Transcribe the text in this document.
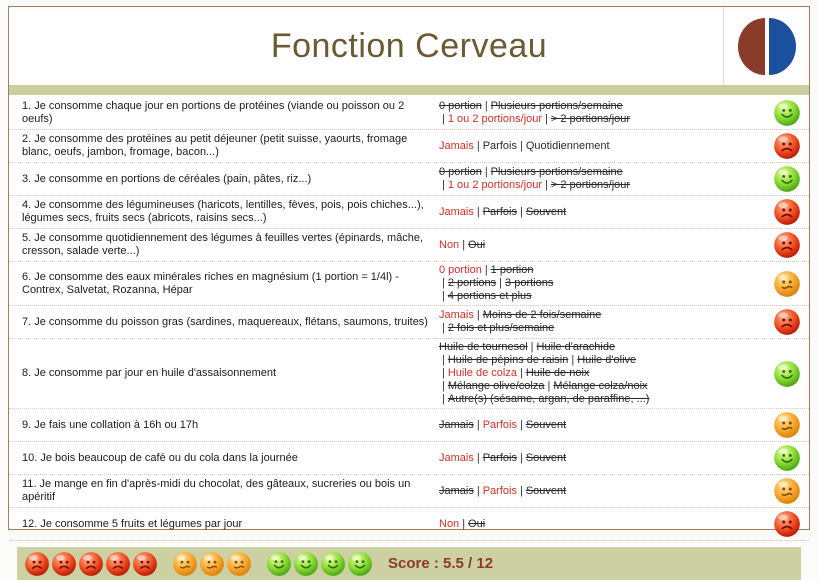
Fonction Cerveau
1. Je consomme chaque jour en portions de protéines (viande ou poisson ou 2 oeufs)
0 portion | Plusieurs portions/semaine
| 1 ou 2 portions/jour | > 2 portions/jour
2. Je consomme des protéines au petit déjeuner (petit suisse, yaourts, fromage blanc, oeufs, jambon, fromage, bacon...)
Jamais | Parfois | Quotidiennement
3. Je consomme en portions de céréales (pain, pâtes, riz...)
0 portion | Plusieurs portions/semaine
| 1 ou 2 portions/jour | > 2 portions/jour
4. Je consomme des légumineuses (haricots, lentilles, fèves, pois, pois chiches...), légumes secs, fruits secs (abricots, raisins secs...)
Jamais | Parfois | Souvent
5. Je consomme quotidiennement des légumes à feuilles vertes (épinards, mâche, cresson, salade verte...)
Non | Oui
6. Je consomme des eaux minérales riches en magnésium (1 portion = 1/4l) - Contrex, Salvetat, Rozanna, Hépar
0 portion | 1 portion
| 2 portions | 3 portions
| 4 portions et plus
7. Je consomme du poisson gras (sardines, maquereaux, flétans, saumons, truites)
Jamais | Moins de 2 fois/semaine
| 2 fois et plus/semaine
8. Je consomme par jour en huile d'assaisonnement
Huile de tournesol | Huile d'arachide
| Huile de pépins de raisin | Huile d'olive
| Huile de colza | Huile de noix
| Mélange olive/colza | Mélange colza/noix
| Autre(s) (sésame, argan, de paraffine, ...)
9. Je fais une collation à 16h ou 17h	Jamais | Parfois | Souvent
10. Je bois beaucoup de café ou du cola dans la journée	Jamais | Parfois | Souvent
11. Je mange en fin d'après-midi du chocolat, des gâteaux, sucreries ou bois un apéritif
Jamais | Parfois | Souvent
12. Je consomme 5 fruits et légumes par jour	Non | Oui
Score : 5.5 / 12
